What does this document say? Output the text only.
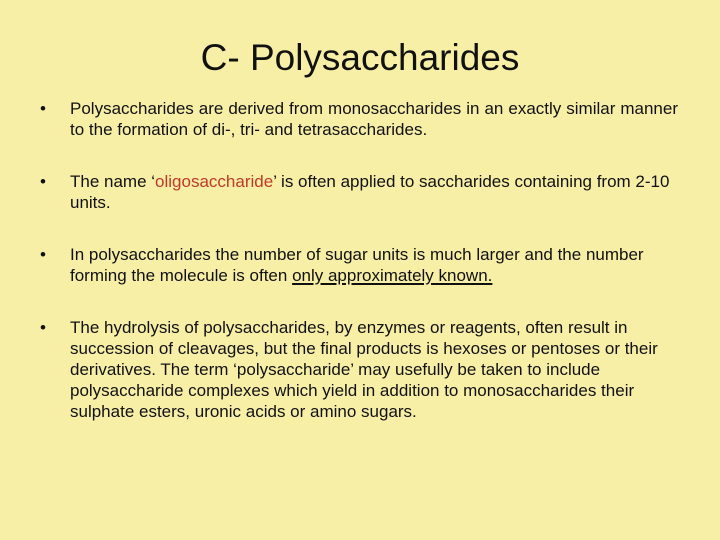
C- Polysaccharides
•	Polysaccharides are derived from monosaccharides in an exactly similar manner to the formation of di-, tri- and tetrasaccharides.
•	The name ‘oligosaccharide’ is often applied to saccharides containing from 2-10 units.
•	In polysaccharides the number of sugar units is much larger and the number forming the molecule is often only approximately known.
•	The hydrolysis of polysaccharides, by enzymes or reagents, often result in succession of cleavages, but the final products is hexoses or pentoses or their derivatives. The term ‘polysaccharide’ may usefully be taken to include polysaccharide complexes which yield in addition to monosaccharides their sulphate esters, uronic acids or amino sugars.
